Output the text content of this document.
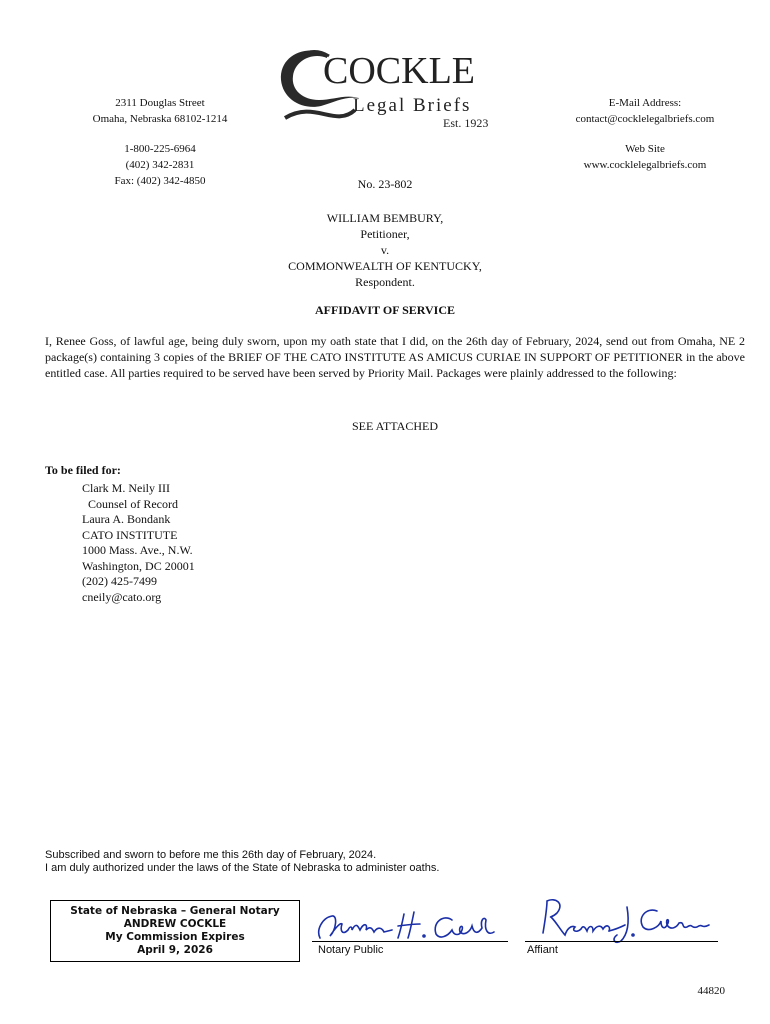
2311 Douglas Street
Omaha, Nebraska 68102-1214
1-800-225-6964
(402) 342-2831
Fax: (402) 342-4850
COCKLE
Legal Briefs
Est. 1923
E-Mail Address:
contact@cocklelegalbriefs.com
Web Site
www.cocklelegalbriefs.com
No. 23-802
WILLIAM BEMBURY,
Petitioner,
v.
COMMONWEALTH OF KENTUCKY,
Respondent.
AFFIDAVIT OF SERVICE
I, Renee Goss, of lawful age, being duly sworn, upon my oath state that I did, on the 26th day of February, 2024, send out from Omaha, NE 2 package(s) containing 3 copies of the BRIEF OF THE CATO INSTITUTE AS AMICUS CURIAE IN SUPPORT OF PETITIONER in the above entitled case. All parties required to be served have been served by Priority Mail. Packages were plainly addressed to the following:
SEE ATTACHED
To be filed for:
Clark M. Neily III
Counsel of Record
Laura A. Bondank
CATO INSTITUTE
1000 Mass. Ave., N.W.
Washington, DC 20001
(202) 425-7499
cneily@cato.org
Subscribed and sworn to before me this 26th day of February, 2024.
I am duly authorized under the laws of the State of Nebraska to administer oaths.
State of Nebraska – General Notary
ANDREW COCKLE
My Commission Expires
April 9, 2026	Notary Public	Affiant
44820
